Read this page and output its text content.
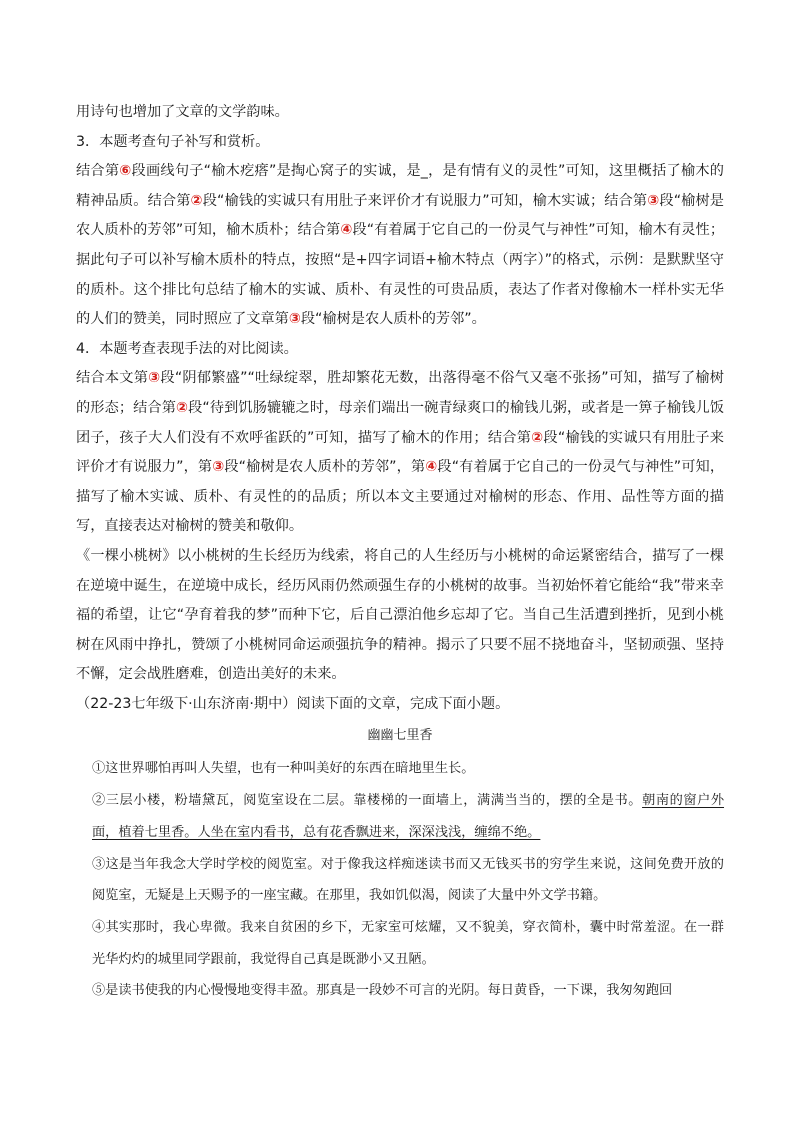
用诗句也增加了文章的文学韵味。

3．本题考查句子补写和赏析。

结合第⑥段画线句子“榆木疙瘩”是掏心窝子的实诚，是_，是有情有义的灵性”可知，这里概括了榆木的精神品质。结合第②段“榆钱的实诚只有用肚子来评价才有说服力”可知，榆木实诚；结合第③段“榆树是农人质朴的芳邻”可知，榆木质朴；结合第④段“有着属于它自己的一份灵气与神性”可知，榆木有灵性；据此句子可以补写榆木质朴的特点，按照“是+四字词语+榆木特点（两字）”的格式，示例：是默默坚守的质朴。这个排比句总结了榆木的实诚、质朴、有灵性的可贵品质，表达了作者对像榆木一样朴实无华的人们的赞美，同时照应了文章第③段“榆树是农人质朴的芳邻”。

4．本题考查表现手法的对比阅读。

结合本文第③段“阴郁繁盛”“吐绿绽翠，胜却繁花无数，出落得毫不俗气又毫不张扬”可知，描写了榆树的形态；结合第②段“待到饥肠辘辘之时，母亲们端出一碗青绿爽口的榆钱儿粥，或者是一箅子榆钱儿饭团子，孩子大人们没有不欢呼雀跃的”可知，描写了榆木的作用；结合第②段“榆钱的实诚只有用肚子来评价才有说服力”，第③段“榆树是农人质朴的芳邻”，第④段“有着属于它自己的一份灵气与神性”可知，描写了榆木实诚、质朴、有灵性的的品质；所以本文主要通过对榆树的形态、作用、品性等方面的描写，直接表达对榆树的赞美和敬仰。

《一棵小桃树》以小桃树的生长经历为线索，将自己的人生经历与小桃树的命运紧密结合，描写了一棵在逆境中诞生，在逆境中成长，经历风雨仍然顽强生存的小桃树的故事。当初始怀着它能给“我”带来幸福的希望，让它“孕育着我的梦”而种下它，后自己漂泊他乡忘却了它。当自己生活遭到挫折，见到小桃树在风雨中挣扎，赞颂了小桃树同命运顽强抗争的精神。揭示了只要不屈不挠地奋斗，坚韧顽强、坚持不懈，定会战胜磨难，创造出美好的未来。

（22-23七年级下·山东济南·期中）阅读下面的文章，完成下面小题。

幽幽七里香

①这世界哪怕再叫人失望，也有一种叫美好的东西在暗地里生长。

②三层小楼，粉墙黛瓦，阅览室设在二层。靠楼梯的一面墙上，满满当当的，摆的全是书。朝南的窗户外面，植着七里香。人坐在室内看书，总有花香飘进来，深深浅浅，缠绵不绝。

③这是当年我念大学时学校的阅览室。对于像我这样痴迷读书而又无钱买书的穷学生来说，这间免费开放的阅览室，无疑是上天赐予的一座宝藏。在那里，我如饥似渴，阅读了大量中外文学书籍。

④其实那时，我心卑微。我来自贫困的乡下，无家室可炫耀，又不貌美，穿衣简朴，囊中时常羞涩。在一群光华灼灼的城里同学跟前，我觉得自己真是既渺小又丑陋。

⑤是读书使我的内心慢慢地变得丰盈。那真是一段妙不可言的光阴。每日黄昏，一下课，我匆匆跑回
